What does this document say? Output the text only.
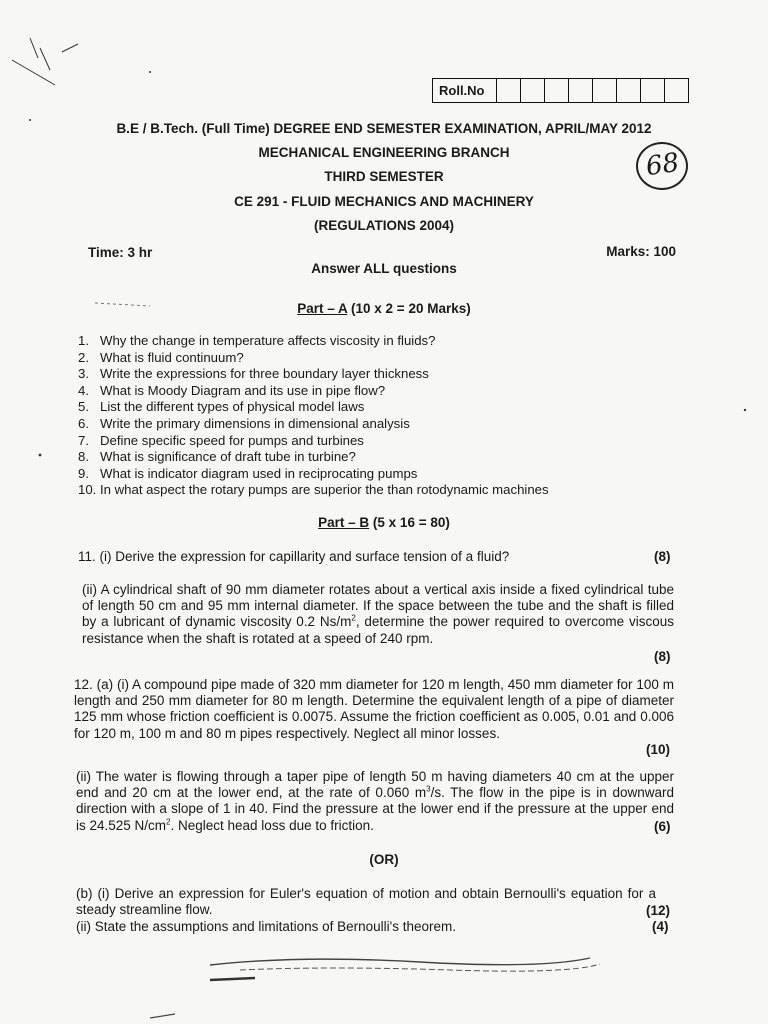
Roll.No
B.E / B.Tech. (Full Time) DEGREE END SEMESTER EXAMINATION, APRIL/MAY 2012
MECHANICAL ENGINEERING BRANCH
THIRD SEMESTER
CE 291 - FLUID MECHANICS AND MACHINERY
(REGULATIONS 2004)
68
Time: 3 hr	Marks: 100
Answer ALL questions
Part – A (10 x 2 = 20 Marks)
1. Why the change in temperature affects viscosity in fluids?
2. What is fluid continuum?
3. Write the expressions for three boundary layer thickness
4. What is Moody Diagram and its use in pipe flow?
5. List the different types of physical model laws
6. Write the primary dimensions in dimensional analysis
7. Define specific speed for pumps and turbines
8. What is significance of draft tube in turbine?
9. What is indicator diagram used in reciprocating pumps
10. In what aspect the rotary pumps are superior the than rotodynamic machines
Part – B (5 x 16 = 80)
11. (i) Derive the expression for capillarity and surface tension of a fluid?	(8)
(ii) A cylindrical shaft of 90 mm diameter rotates about a vertical axis inside a fixed cylindrical tube of length 50 cm and 95 mm internal diameter. If the space between the tube and the shaft is filled by a lubricant of dynamic viscosity 0.2 $Ns/m^2$, determine the power required to overcome viscous resistance when the shaft is rotated at a speed of 240 rpm.
(8)
12. (a) (i) A compound pipe made of 320 mm diameter for 120 m length, 450 mm diameter for 100 m length and 250 mm diameter for 80 m length. Determine the equivalent length of a pipe of diameter 125 mm whose friction coefficient is 0.0075. Assume the friction coefficient as 0.005, 0.01 and 0.006 for 120 m, 100 m and 80 m pipes respectively. Neglect all minor losses.
(10)
(ii) The water is flowing through a taper pipe of length 50 m having diameters 40 cm at the upper end and 20 cm at the lower end, at the rate of 0.060 $m^3/s$. The flow in the pipe is in downward direction with a slope of 1 in 40. Find the pressure at the lower end if the pressure at the upper end is 24.525 $N/cm^2$. Neglect head loss due to friction.	(6)
(OR)
(b) (i) Derive an expression for Euler's equation of motion and obtain Bernoulli's equation for a steady streamline flow.	(12)
(ii) State the assumptions and limitations of Bernoulli's theorem.	(4)
